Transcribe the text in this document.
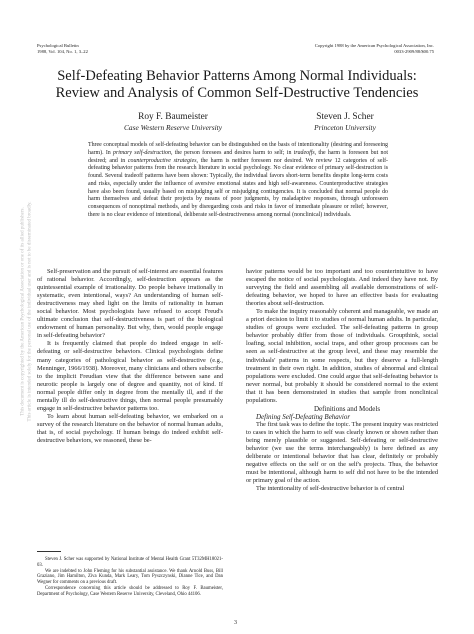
This document is copyrighted by the American Psychological Association or one of its allied publishers. This article is intended solely for the personal use of the individual user and is not to be disseminated broadly.
Psychological Bulletin
1988, Vol. 104, No. 1, 3–22
Copyright 1988 by the American Psychological Association, Inc.
0033-2909/88/$00.75
Self-Defeating Behavior Patterns Among Normal Individuals: Review and Analysis of Common Self-Destructive Tendencies
Roy F. Baumeister
Case Western Reserve University
Steven J. Scher
Princeton University

Three conceptual models of self-defeating behavior can be distinguished on the basis of intentionality (desiring and foreseeing harm). In primary self-destruction, the person foresees and desires harm to self; in tradeoffs, the harm is foreseen but not desired; and in counterproductive strategies, the harm is neither foreseen nor desired. We review 12 categories of self-defeating behavior patterns from the research literature in social psychology. No clear evidence of primary self-destruction is found. Several tradeoff patterns have been shown: Typically, the individual favors short-term benefits despite long-term costs and risks, especially under the influence of aversive emotional states and high self-awareness. Counterproductive strategies have also been found, usually based on misjudging self or misjudging contingencies. It is concluded that normal people do harm themselves and defeat their projects by means of poor judgments, by maladaptive responses, through unforeseen consequences of nonoptimal methods, and by disregarding costs and risks in favor of immediate pleasure or relief; however, there is no clear evidence of intentional, deliberate self-destructiveness among normal (nonclinical) individuals.

Self-preservation and the pursuit of self-interest are essential features of rational behavior. Accordingly, self-destruction appears as the quintessential example of irrationality. Do people behave irrationally in systematic, even intentional, ways? An understanding of human self-destructiveness may shed light on the limits of rationality in human social behavior. Most psychologists have refused to accept Freud's ultimate conclusion that self-destructiveness is part of the biological endowment of human personality. But why, then, would people engage in self-defeating behavior?

It is frequently claimed that people do indeed engage in self-defeating or self-destructive behaviors. Clinical psychologists define many categories of pathological behavior as self-destructive (e.g., Menninger, 1966/1938). Moreover, many clinicians and others subscribe to the implicit Freudian view that the difference between sane and neurotic people is largely one of degree and quantity, not of kind. If normal people differ only in degree from the mentally ill, and if the mentally ill do self-destructive things, then normal people presumably engage in self-destructive behavior patterns too.

To learn about human self-defeating behavior, we embarked on a survey of the research literature on the behavior of normal human adults, that is, of social psychology. If human beings do indeed exhibit self-destructive behaviors, we reasoned, these be-

Steven J. Scher was supported by National Institute of Mental Health Grant 5T32MH18021-03.

We are indebted to John Fleming for his substantial assistance. We thank Arnold Buss, Bill Graziano, Jim Hamilton, Ziva Kunda, Mark Leary, Tom Pyszczynski, Dianne Tice, and Dan Wegner for comments on a previous draft.

Correspondence concerning this article should be addressed to Roy F. Baumeister, Department of Psychology, Case Western Reserve University, Cleveland, Ohio 44106.

havior patterns would be too important and too counterintuitive to have escaped the notice of social psychologists. And indeed they have not. By surveying the field and assembling all available demonstrations of self-defeating behavior, we hoped to have an effective basis for evaluating theories about self-destruction.

To make the inquiry reasonably coherent and manageable, we made an a priori decision to limit it to studies of normal human adults. In particular, studies of groups were excluded. The self-defeating patterns in group behavior probably differ from those of individuals. Groupthink, social loafing, social inhibition, social traps, and other group processes can be seen as self-destructive at the group level, and these may resemble the individuals' patterns in some respects, but they deserve a full-length treatment in their own right. In addition, studies of abnormal and clinical populations were excluded. One could argue that self-defeating behavior is never normal, but probably it should be considered normal to the extent that it has been demonstrated in studies that sample from nonclinical populations.

Definitions and Models

Defining Self-Defeating Behavior

The first task was to define the topic. The present inquiry was restricted to cases in which the harm to self was clearly known or shown rather than being merely plausible or suggested. Self-defeating or self-destructive behavior (we use the terms interchangeably) is here defined as any deliberate or intentional behavior that has clear, definitely or probably negative effects on the self or on the self's projects. Thus, the behavior must be intentional, although harm to self did not have to be the intended or primary goal of the action.

The intentionality of self-destructive behavior is of central

3
